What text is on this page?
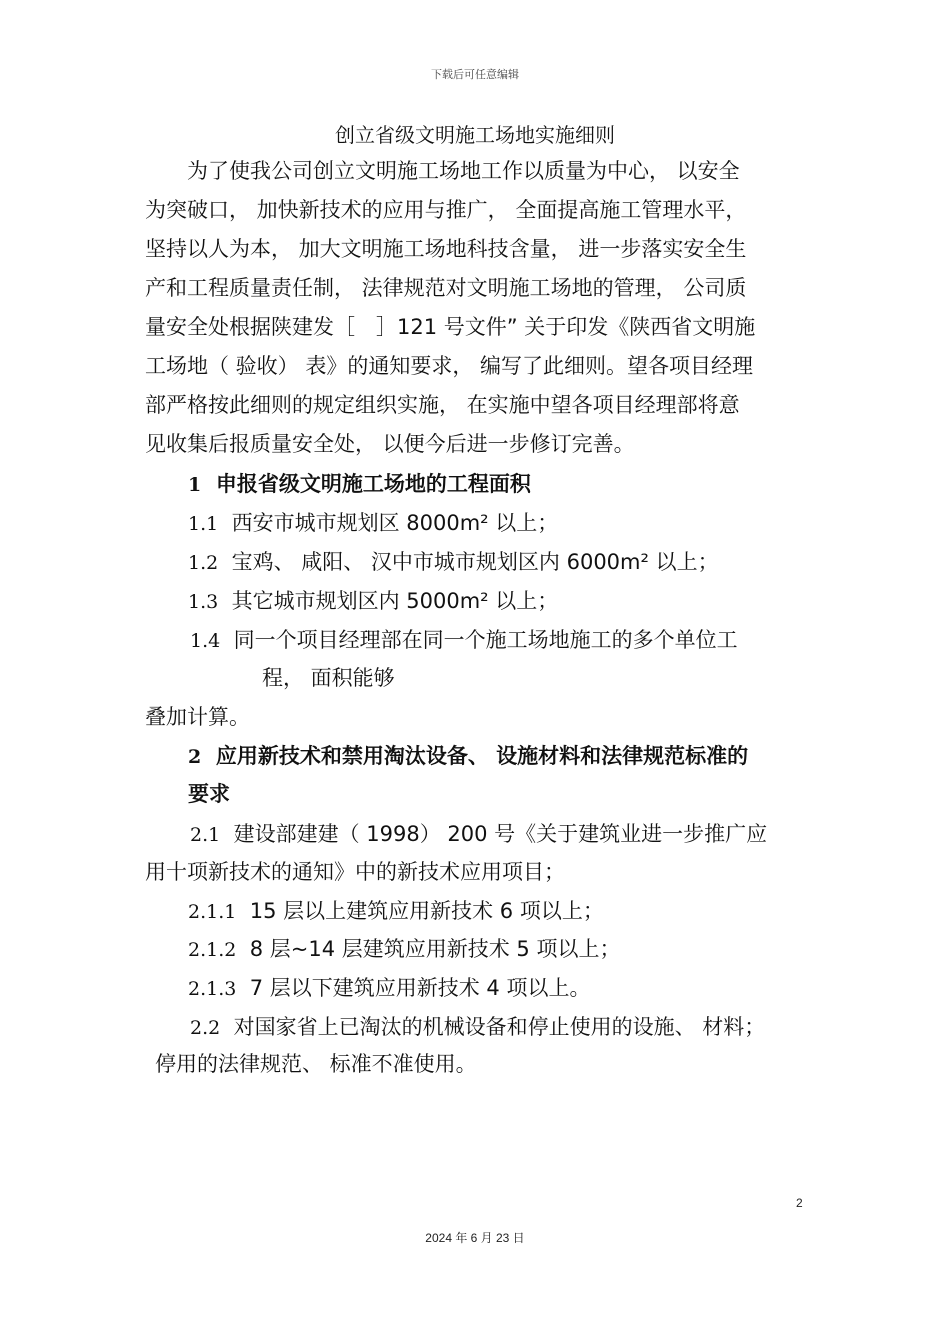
下载后可任意编辑
创立省级文明施工场地实施细则
为了使我公司创立文明施工场地工作以质量为中心， 以安全
为突破口， 加快新技术的应用与推广， 全面提高施工管理水平，
坚持以人为本， 加大文明施工场地科技含量， 进一步落实安全生
产和工程质量责任制， 法律规范对文明施工场地的管理， 公司质
量安全处根据陕建发［　］121 号文件” 关于印发《陕西省文明施
工场地（ 验收） 表》的通知要求， 编写了此细则。望各项目经理
部严格按此细则的规定组织实施， 在实施中望各项目经理部将意
见收集后报质量安全处， 以便今后进一步修订完善。
1 申报省级文明施工场地的工程面积
1.1 西安市城市规划区 8000m² 以上；
1.2 宝鸡、 咸阳、 汉中市城市规划区内 6000m² 以上；
1.3 其它城市规划区内 5000m² 以上；
1.4 同一个项目经理部在同一个施工场地施工的多个单位工
程， 面积能够
叠加计算。
2 应用新技术和禁用淘汰设备、 设施材料和法律规范标准的
要求
2.1 建设部建建（ 1998） 200 号《关于建筑业进一步推广应
用十项新技术的通知》中的新技术应用项目；
2.1.1 15 层以上建筑应用新技术 6 项以上；
2.1.2 8 层~14 层建筑应用新技术 5 项以上；
2.1.3 7 层以下建筑应用新技术 4 项以上。
2.2 对国家省上已淘汰的机械设备和停止使用的设施、 材料；
停用的法律规范、 标准不准使用。
2
2024 年 6 月 23 日
